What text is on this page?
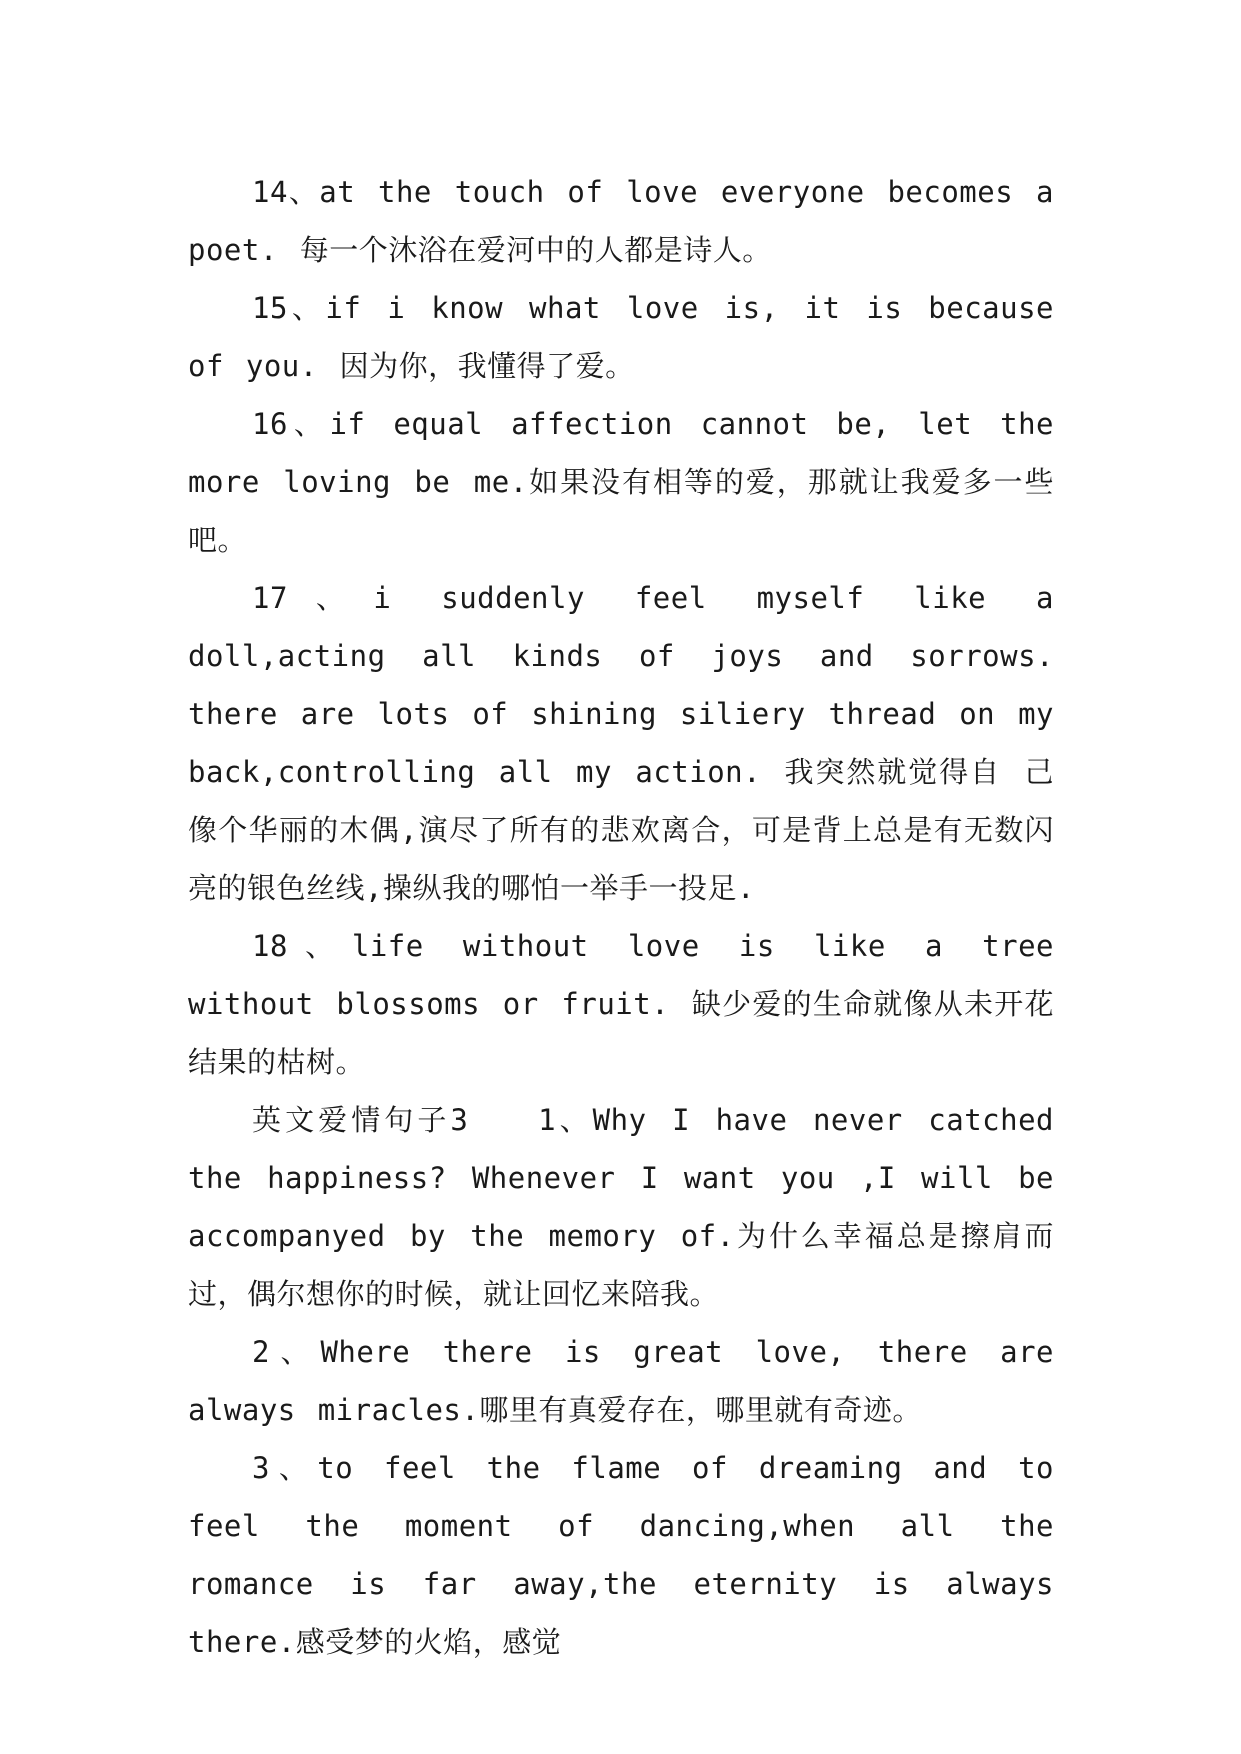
14、at the touch of love everyone becomes a poet. 每一个沐浴在爱河中的人都是诗人。

15、if i know what love is, it is because of you. 因为你，我懂得了爱。

16、if equal affection cannot be, let the more loving be me.如果没有相等的爱，那就让我爱多一些吧。

17、i suddenly feel myself like a doll,acting all kinds of joys and sorrows. there are lots of shining siliery thread on my back,controlling all my action. 我突然就觉得自 己像个华丽的木偶,演尽了所有的悲欢离合，可是背上总是有无数闪亮的银色丝线,操纵我的哪怕一举手一投足.

18、life without love is like a tree without blossoms or fruit. 缺少爱的生命就像从未开花结果的枯树。

英文爱情句子3　　1、Why I have never catched the happiness? Whenever I want you ,I will be accompanyed by the memory of.为什么幸福总是擦肩而过，偶尔想你的时候，就让回忆来陪我。

2、Where there is great love, there are always miracles.哪里有真爱存在，哪里就有奇迹。

3、to feel the flame of dreaming and to feel the moment of dancing,when all the romance is far away,the eternity is always there.感受梦的火焰，感觉
